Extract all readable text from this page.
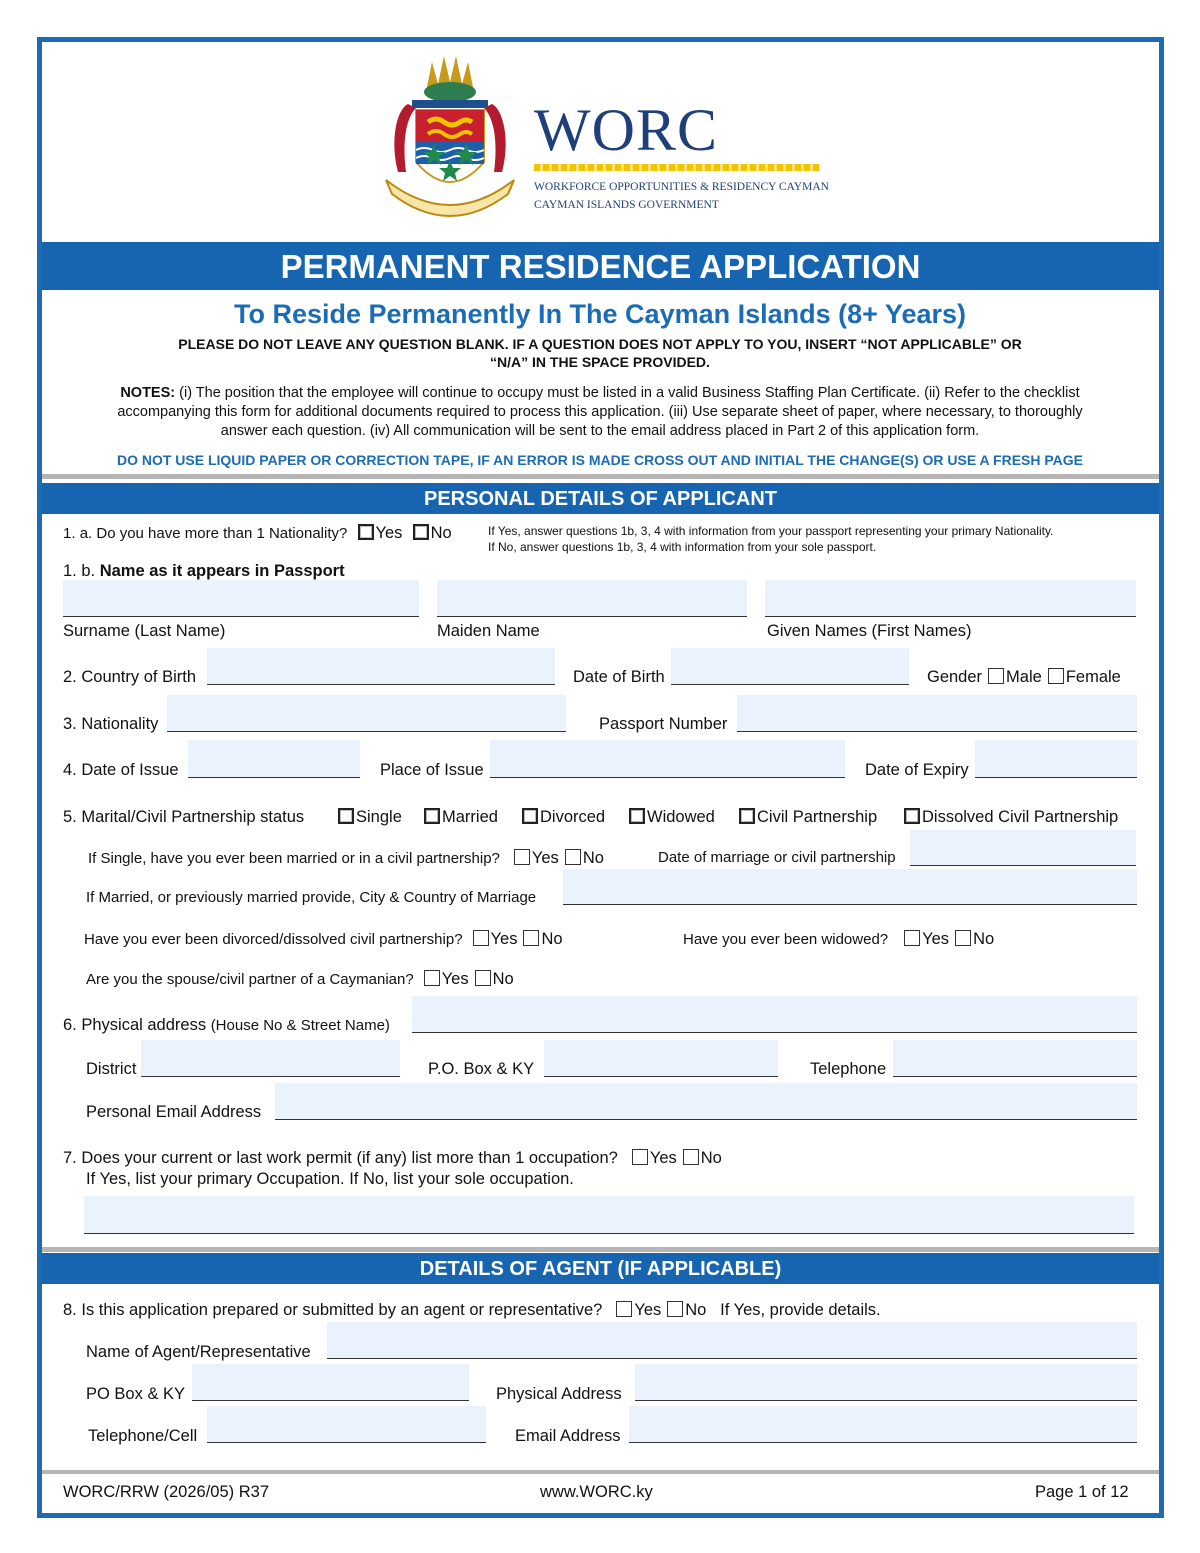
WORC
WORKFORCE OPPORTUNITIES & RESIDENCY CAYMAN
CAYMAN ISLANDS GOVERNMENT
PERMANENT RESIDENCE APPLICATION
To Reside Permanently In The Cayman Islands (8+ Years)
PLEASE DO NOT LEAVE ANY QUESTION BLANK. IF A QUESTION DOES NOT APPLY TO YOU, INSERT “NOT APPLICABLE” OR
“N/A” IN THE SPACE PROVIDED.
NOTES: (i) The position that the employee will continue to occupy must be listed in a valid Business Staffing Plan Certificate. (ii) Refer to the checklist
accompanying this form for additional documents required to process this application. (iii) Use separate sheet of paper, where necessary, to thoroughly
answer each question. (iv) All communication will be sent to the email address placed in Part 2 of this application form.
DO NOT USE LIQUID PAPER OR CORRECTION TAPE, IF AN ERROR IS MADE CROSS OUT AND INITIAL THE CHANGE(S) OR USE A FRESH PAGE
PERSONAL DETAILS OF APPLICANT
1. a. Do you have more than 1 Nationality? Yes No	If Yes, answer questions 1b, 3, 4 with information from your passport representing your primary Nationality.
If No, answer questions 1b, 3, 4 with information from your sole passport.
1. b. Name as it appears in Passport
Surname (Last Name)	Maiden Name	Given Names (First Names)
2. Country of Birth	Date of Birth	Gender Male Female
3. Nationality	Passport Number
4. Date of Issue	Place of Issue	Date of Expiry
5. Marital/Civil Partnership status	Single	Married	Divorced	Widowed	Civil Partnership	Dissolved Civil Partnership
If Single, have you ever been married or in a civil partnership? Yes No	Date of marriage or civil partnership
If Married, or previously married provide, City & Country of Marriage
Have you ever been divorced/dissolved civil partnership? Yes No	Have you ever been widowed? Yes No
Are you the spouse/civil partner of a Caymanian? Yes No
6. Physical address (House No & Street Name)
District	P.O. Box & KY	Telephone
Personal Email Address
7. Does your current or last work permit (if any) list more than 1 occupation? Yes No
If Yes, list your primary Occupation. If No, list your sole occupation.
DETAILS OF AGENT (IF APPLICABLE)
8. Is this application prepared or submitted by an agent or representative? Yes No If Yes, provide details.
Name of Agent/Representative
PO Box & KY	Physical Address
Telephone/Cell	Email Address
WORC/RRW (2026/05) R37	www.WORC.ky	Page 1 of 12
